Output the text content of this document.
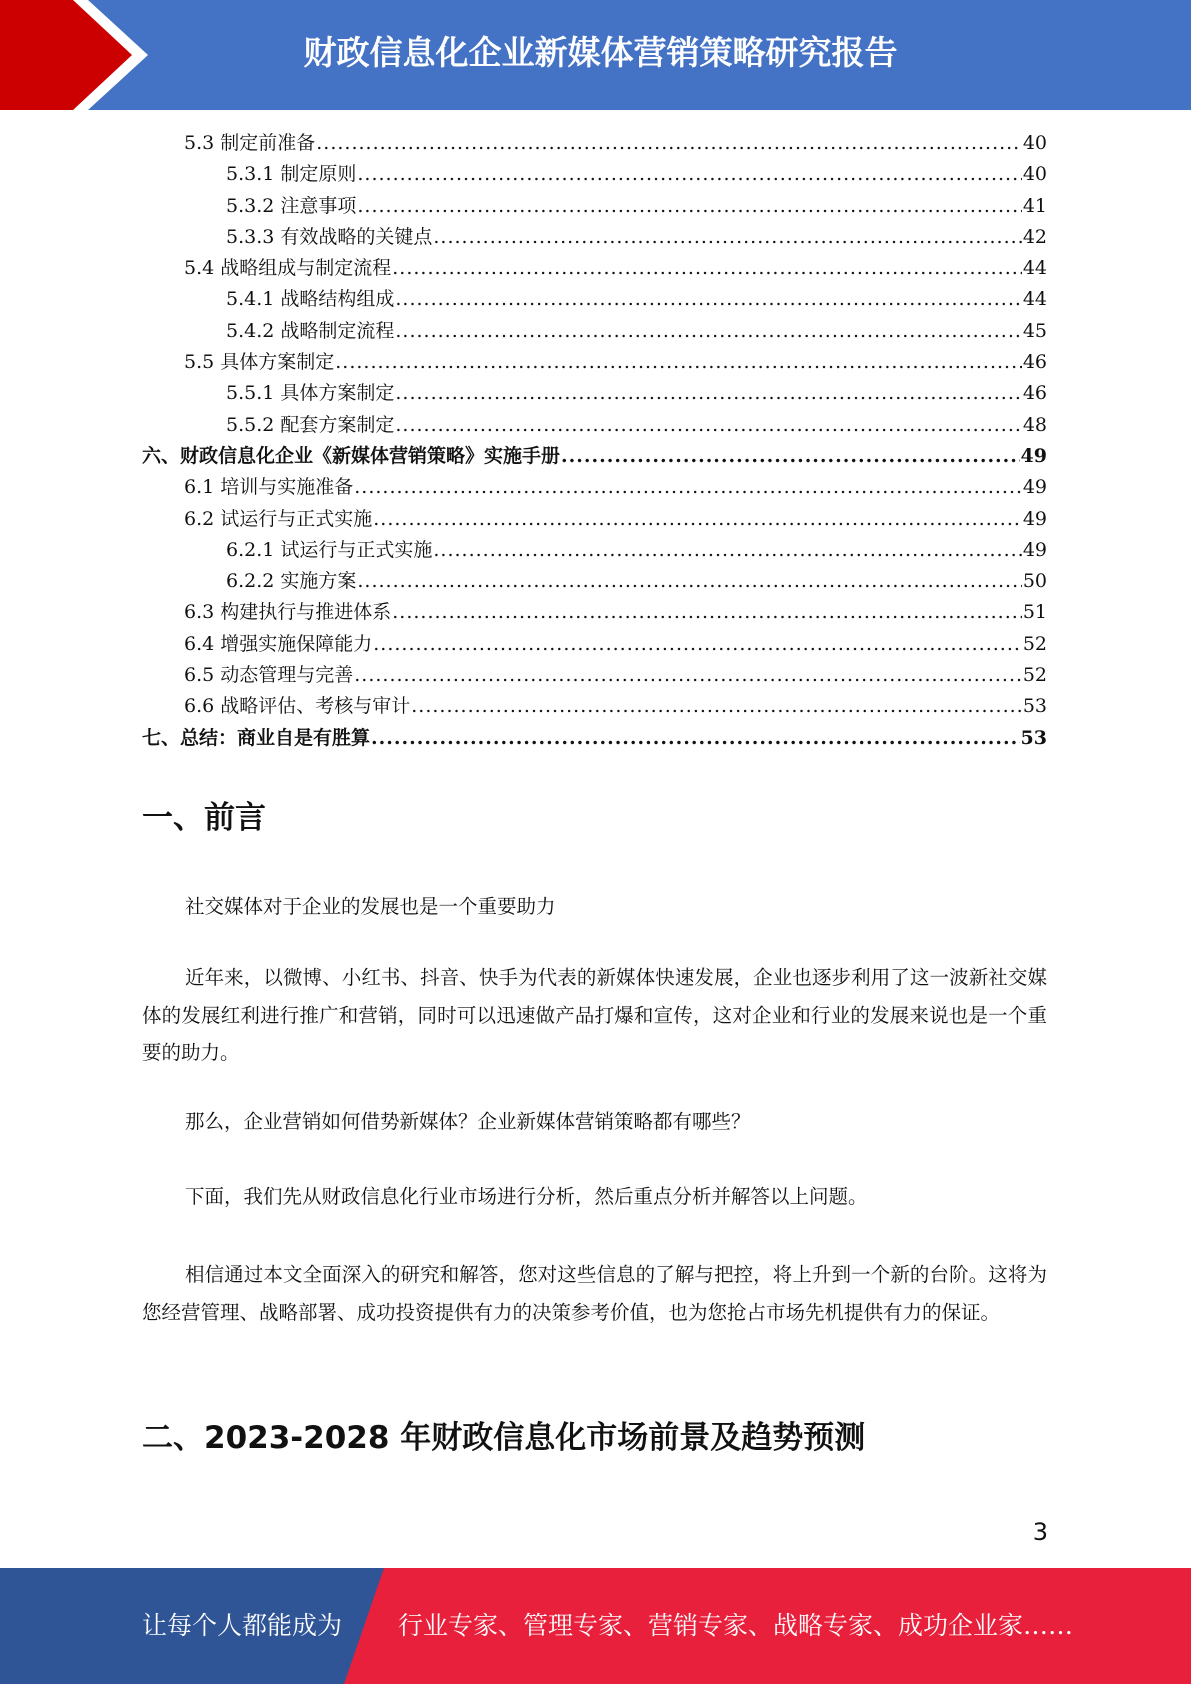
财政信息化企业新媒体营销策略研究报告
5.3 制定前准备 .....	40
5.3.1 制定原则 .....	40
5.3.2 注意事项 .....	41
5.3.3 有效战略的关键点 .....	42
5.4 战略组成与制定流程 .....	44
5.4.1 战略结构组成 .....	44
5.4.2 战略制定流程 .....	45
5.5 具体方案制定 .....	46
5.5.1 具体方案制定 .....	46
5.5.2 配套方案制定 .....	48
六、财政信息化企业《新媒体营销策略》实施手册 .....	49
6.1 培训与实施准备 .....	49
6.2 试运行与正式实施 .....	49
6.2.1 试运行与正式实施 .....	49
6.2.2 实施方案 .....	50
6.3 构建执行与推进体系 .....	51
6.4 增强实施保障能力 .....	52
6.5 动态管理与完善 .....	52
6.6 战略评估、考核与审计 .....	53
七、总结：商业自是有胜算 .....	53
一、前言

社交媒体对于企业的发展也是一个重要助力

近年来，以微博、小红书、抖音、快手为代表的新媒体快速发展，企业也逐步利用了这一波新社交媒体的发展红利进行推广和营销，同时可以迅速做产品打爆和宣传，这对企业和行业的发展来说也是一个重要的助力。

那么，企业营销如何借势新媒体？企业新媒体营销策略都有哪些？

下面，我们先从财政信息化行业市场进行分析，然后重点分析并解答以上问题。

相信通过本文全面深入的研究和解答，您对这些信息的了解与把控，将上升到一个新的台阶。这将为您经营管理、战略部署、成功投资提供有力的决策参考价值，也为您抢占市场先机提供有力的保证。

二、2023-2028 年财政信息化市场前景及趋势预测
3
让每个人都能成为 行业专家、管理专家、营销专家、战略专家、成功企业家……
